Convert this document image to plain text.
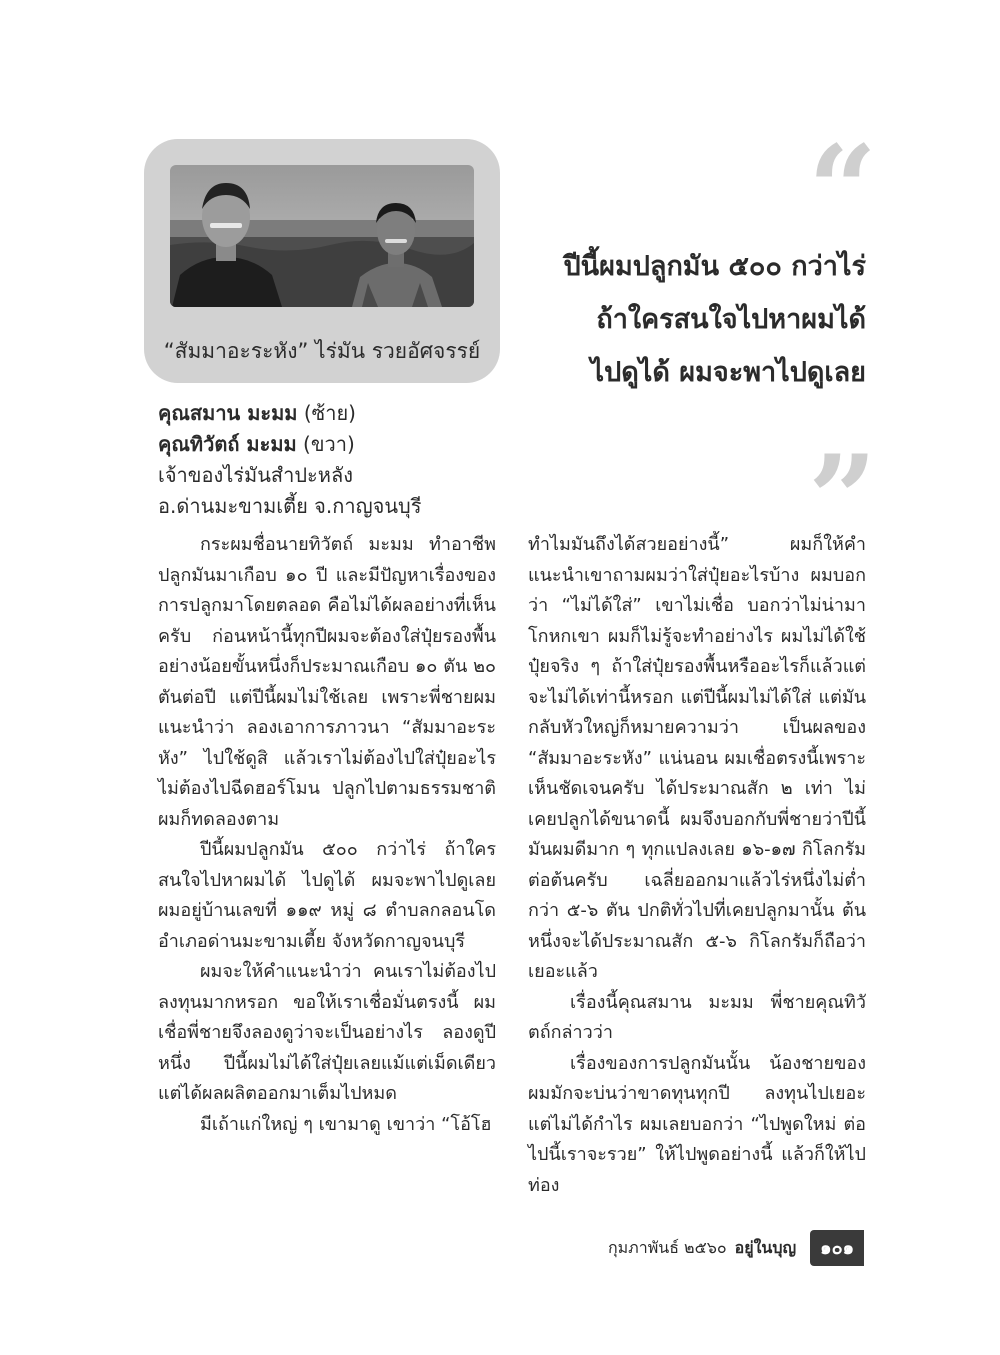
“สัมมาอะระหัง” ไร่มัน รวยอัศจรรย์
“
ปีนี้ผมปลูกมัน ๕๐๐ กว่าไร่
ถ้าใครสนใจไปหาผมได้
ไปดูได้ ผมจะพาไปดูเลย
”
คุณสมาน มะมม (ซ้าย)
คุณทิวัตถ์ มะมม (ขวา)
เจ้าของไร่มันสำปะหลัง
อ.ด่านมะขามเตี้ย จ.กาญจนบุรี

กระผมชื่อนายทิวัตถ์ มะมม ทำอาชีพปลูกมันมาเกือบ ๑๐ ปี และมีปัญหาเรื่องของการปลูกมาโดยตลอด คือไม่ได้ผลอย่างที่เห็นครับ ก่อนหน้านี้ทุกปีผมจะต้องใส่ปุ๋ยรองพื้นอย่างน้อยขั้นหนึ่งก็ประมาณเกือบ ๑๐ ตัน ๒๐ ตันต่อปี แต่ปีนี้ผมไม่ใช้เลย เพราะพี่ชายผมแนะนำว่า ลองเอาการภาวนา “สัมมาอะระหัง” ไปใช้ดูสิ แล้วเราไม่ต้องไปใส่ปุ๋ยอะไร ไม่ต้องไปฉีดฮอร์โมน ปลูกไปตามธรรมชาติ ผมก็ทดลองตาม

ปีนี้ผมปลูกมัน ๕๐๐ กว่าไร่ ถ้าใครสนใจไปหาผมได้ ไปดูได้ ผมจะพาไปดูเลย ผมอยู่บ้านเลขที่ ๑๑๙ หมู่ ๘ ตำบลกลอนโด อำเภอด่านมะขามเตี้ย จังหวัดกาญจนบุรี

ผมจะให้คำแนะนำว่า คนเราไม่ต้องไปลงทุนมากหรอก ขอให้เราเชื่อมั่นตรงนี้ ผมเชื่อพี่ชายจึงลองดูว่าจะเป็นอย่างไร ลองดูปีหนึ่ง ปีนี้ผมไม่ได้ใส่ปุ๋ยเลยแม้แต่เม็ดเดียว แต่ได้ผลผลิตออกมาเต็มไปหมด

มีเถ้าแก่ใหญ่ ๆ เขามาดู เขาว่า “โอ้โฮ

ทำไมมันถึงได้สวยอย่างนี้” ผมก็ให้คำแนะนำเขาถามผมว่าใส่ปุ๋ยอะไรบ้าง ผมบอกว่า “ไม่ได้ใส่” เขาไม่เชื่อ บอกว่าไม่น่ามาโกหกเขา ผมก็ไม่รู้จะทำอย่างไร ผมไม่ได้ใช้ปุ๋ยจริง ๆ ถ้าใส่ปุ๋ยรองพื้นหรืออะไรก็แล้วแต่ จะไม่ได้เท่านี้หรอก แต่ปีนี้ผมไม่ได้ใส่ แต่มันกลับหัวใหญ่ก็หมายความว่า เป็นผลของ “สัมมาอะระหัง” แน่นอน ผมเชื่อตรงนี้เพราะเห็นชัดเจนครับ ได้ประมาณสัก ๒ เท่า ไม่เคยปลูกได้ขนาดนี้ ผมจึงบอกกับพี่ชายว่าปีนี้มันผมดีมาก ๆ ทุกแปลงเลย ๑๖-๑๗ กิโลกรัมต่อต้นครับ เฉลี่ยออกมาแล้วไร่หนึ่งไม่ต่ำกว่า ๕-๖ ตัน ปกติทั่วไปที่เคยปลูกมานั้น ต้นหนึ่งจะได้ประมาณสัก ๕-๖ กิโลกรัมก็ถือว่าเยอะแล้ว

เรื่องนี้คุณสมาน มะมม พี่ชายคุณทิวัตถ์กล่าวว่า

เรื่องของการปลูกมันนั้น น้องชายของผมมักจะบ่นว่าขาดทุนทุกปี ลงทุนไปเยอะ แต่ไม่ได้กำไร ผมเลยบอกว่า “ไปพูดใหม่ ต่อไปนี้เราจะรวย” ให้ไปพูดอย่างนี้ แล้วก็ให้ไปท่อง

กุมภาพันธ์ ๒๕๖๐ อยู่ในบุญ	๑๐๑
